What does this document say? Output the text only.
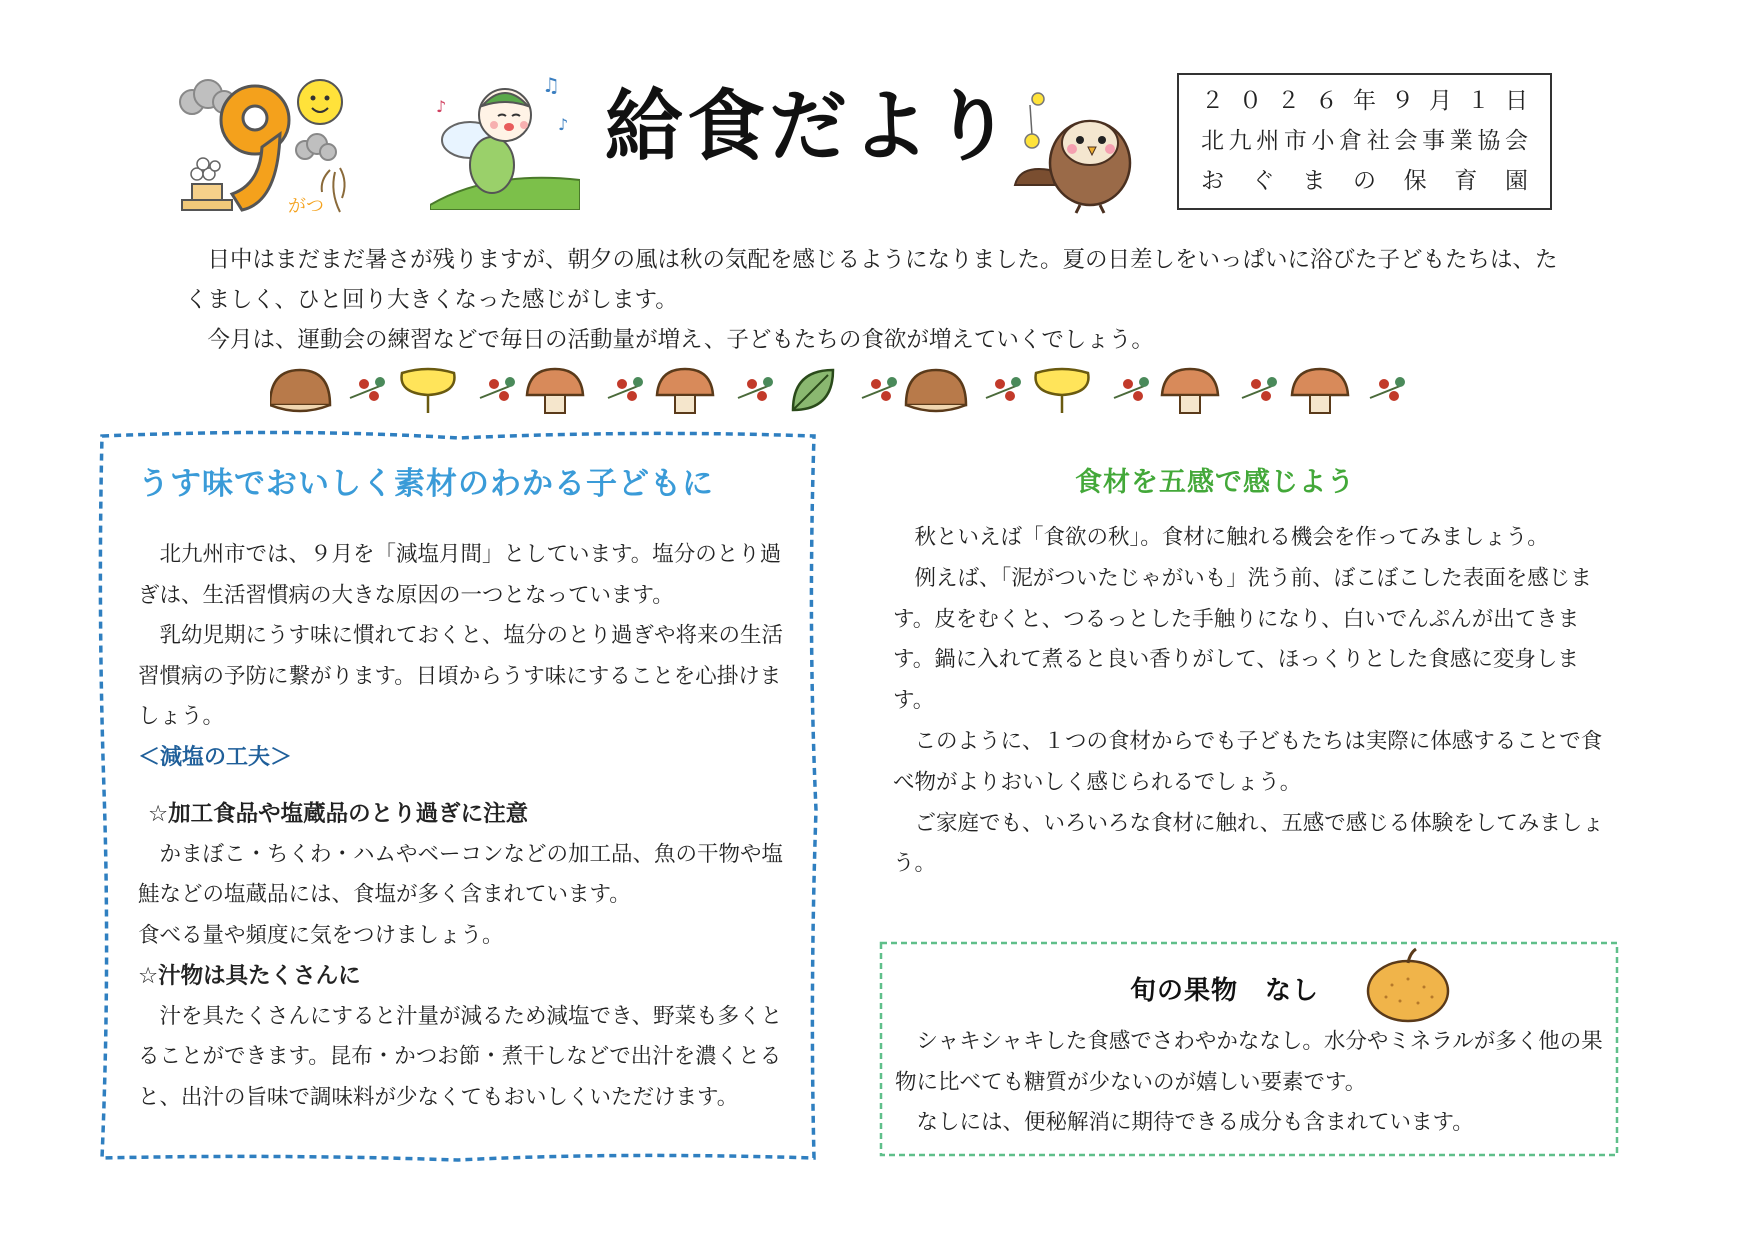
がつ
♫
♪
♪ 給食だより	２０２６年９月１日
北九州市小倉社会事業協会
おぐまの保育園

日中はまだまだ暑さが残りますが、朝夕の風は秋の気配を感じるようになりました。夏の日差しをいっぱいに浴びた子どもたちは、たくましく、ひと回り大きくなった感じがします。

今月は、運動会の練習などで毎日の活動量が増え、子どもたちの食欲が増えていくでしょう。

うす味でおいしく素材のわかる子どもに

北九州市では、９月を「減塩月間」としています。塩分のとり過ぎは、生活習慣病の大きな原因の一つとなっています。

乳幼児期にうす味に慣れておくと、塩分のとり過ぎや将来の生活習慣病の予防に繋がります。日頃からうす味にすることを心掛けましょう。

＜減塩の工夫＞

☆加工食品や塩蔵品のとり過ぎに注意

かまぼこ・ちくわ・ハムやベーコンなどの加工品、魚の干物や塩鮭などの塩蔵品には、食塩が多く含まれています。

食べる量や頻度に気をつけましょう。

☆汁物は具たくさんに

汁を具たくさんにすると汁量が減るため減塩でき、野菜も多くとることができます。昆布・かつお節・煮干しなどで出汁を濃くとると、出汁の旨味で調味料が少なくてもおいしくいただけます。

食材を五感で感じよう

秋といえば「食欲の秋」。食材に触れる機会を作ってみましょう。

例えば、「泥がついたじゃがいも」洗う前、ぼこぼこした表面を感じます。皮をむくと、つるっとした手触りになり、白いでんぷんが出てきます。鍋に入れて煮ると良い香りがして、ほっくりとした食感に変身します。

このように、１つの食材からでも子どもたちは実際に体感することで食べ物がよりおいしく感じられるでしょう。

ご家庭でも、いろいろな食材に触れ、五感で感じる体験をしてみましょう。

旬の果物　なし

シャキシャキした食感でさわやかななし。水分やミネラルが多く他の果物に比べても糖質が少ないのが嬉しい要素です。

なしには、便秘解消に期待できる成分も含まれています。
